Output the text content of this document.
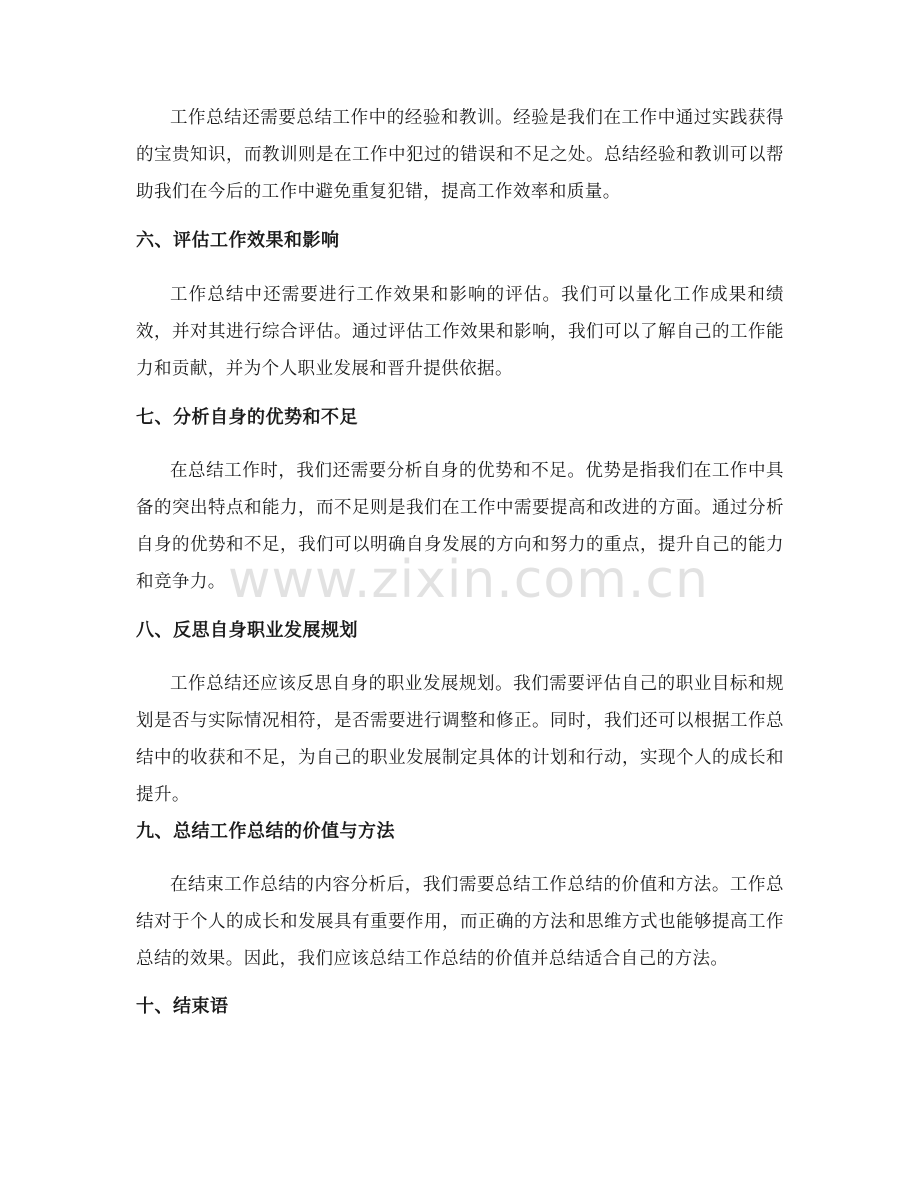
工作总结还需要总结工作中的经验和教训。经验是我们在工作中通过实践获得的宝贵知识，而教训则是在工作中犯过的错误和不足之处。总结经验和教训可以帮助我们在今后的工作中避免重复犯错，提高工作效率和质量。

六、评估工作效果和影响

工作总结中还需要进行工作效果和影响的评估。我们可以量化工作成果和绩效，并对其进行综合评估。通过评估工作效果和影响，我们可以了解自己的工作能力和贡献，并为个人职业发展和晋升提供依据。

七、分析自身的优势和不足

在总结工作时，我们还需要分析自身的优势和不足。优势是指我们在工作中具备的突出特点和能力，而不足则是我们在工作中需要提高和改进的方面。通过分析自身的优势和不足，我们可以明确自身发展的方向和努力的重点，提升自己的能力和竞争力。

八、反思自身职业发展规划

工作总结还应该反思自身的职业发展规划。我们需要评估自己的职业目标和规划是否与实际情况相符，是否需要进行调整和修正。同时，我们还可以根据工作总结中的收获和不足，为自己的职业发展制定具体的计划和行动，实现个人的成长和提升。

九、总结工作总结的价值与方法

在结束工作总结的内容分析后，我们需要总结工作总结的价值和方法。工作总结对于个人的成长和发展具有重要作用，而正确的方法和思维方式也能够提高工作总结的效果。因此，我们应该总结工作总结的价值并总结适合自己的方法。

十、结束语
www.zixin.com.cn
